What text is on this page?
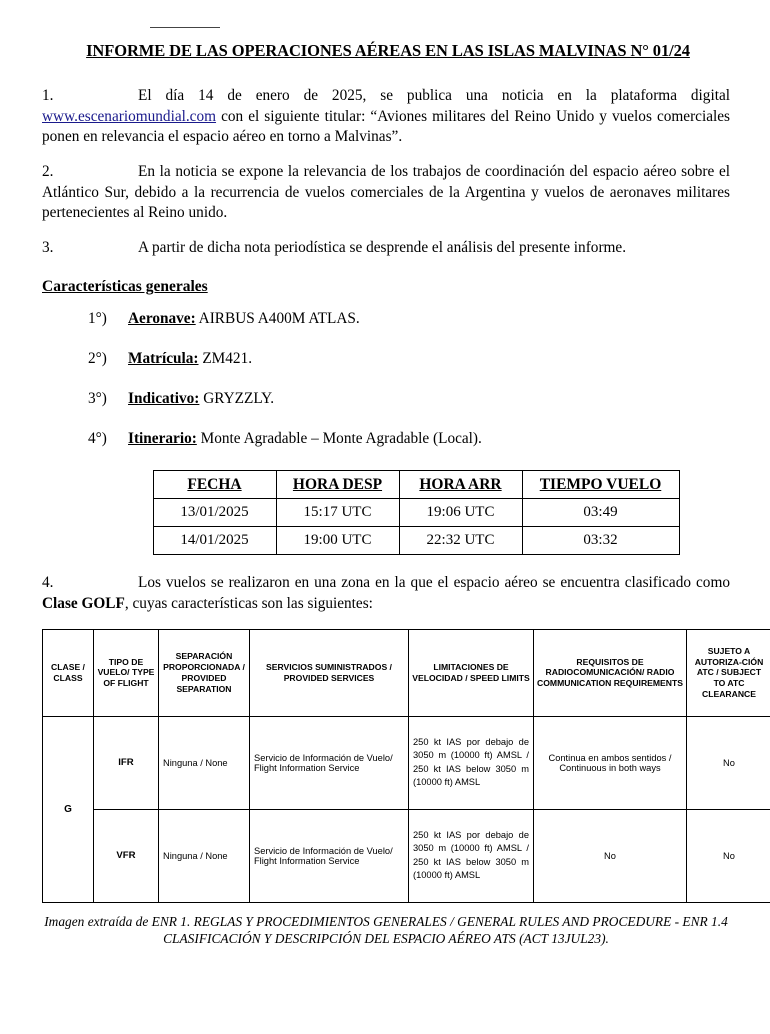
INFORME DE LAS OPERACIONES AÉREAS EN LAS ISLAS MALVINAS N° 01/24

1.	El día 14 de enero de 2025, se publica una noticia en la plataforma digital www.escenariomundial.com con el siguiente titular: “Aviones militares del Reino Unido y vuelos comerciales ponen en relevancia el espacio aéreo en torno a Malvinas”.

2.	En la noticia se expone la relevancia de los trabajos de coordinación del espacio aéreo sobre el Atlántico Sur, debido a la recurrencia de vuelos comerciales de la Argentina y vuelos de aeronaves militares pertenecientes al Reino unido.

3.	A partir de dicha nota periodística se desprende el análisis del presente informe.

Características generales
1°) Aeronave: AIRBUS A400M ATLAS.
2°) Matrícula: ZM421.
3°) Indicativo: GRYZZLY.
4°) Itinerario: Monte Agradable – Monte Agradable (Local).
FECHA	HORA DESP	HORA ARR	TIEMPO VUELO
13/01/2025	15:17 UTC	19:06 UTC	03:49
14/01/2025	19:00 UTC	22:32 UTC	03:32

4.	Los vuelos se realizaron en una zona en la que el espacio aéreo se encuentra clasificado como Clase GOLF, cuyas características son las siguientes:

CLASE / CLASS	TIPO DE VUELO/ TYPE OF FLIGHT	SEPARACIÓN PROPORCIONADA / PROVIDED SEPARATION	SERVICIOS SUMINISTRADOS / PROVIDED SERVICES	LIMITACIONES DE VELOCIDAD / SPEED LIMITS	REQUISITOS DE RADIOCOMUNICACIÓN/ RADIO COMMUNICATION REQUIREMENTS	SUJETO A AUTORIZA-CIÓN ATC / SUBJECT TO ATC CLEARANCE
G	IFR	Ninguna / None	Servicio de Información de Vuelo/ Flight Information Service	250 kt IAS por debajo de 3050 m (10000 ft) AMSL / 250 kt IAS below 3050 m (10000 ft) AMSL	Continua en ambos sentidos / Continuous in both ways	No
	VFR	Ninguna / None	Servicio de Información de Vuelo/ Flight Information Service	250 kt IAS por debajo de 3050 m (10000 ft) AMSL / 250 kt IAS below 3050 m (10000 ft) AMSL	No	No
Imagen extraída de ENR 1. REGLAS Y PROCEDIMIENTOS GENERALES / GENERAL RULES AND PROCEDURE - ENR 1.4 CLASIFICACIÓN Y DESCRIPCIÓN DEL ESPACIO AÉREO ATS (ACT 13JUL23).
